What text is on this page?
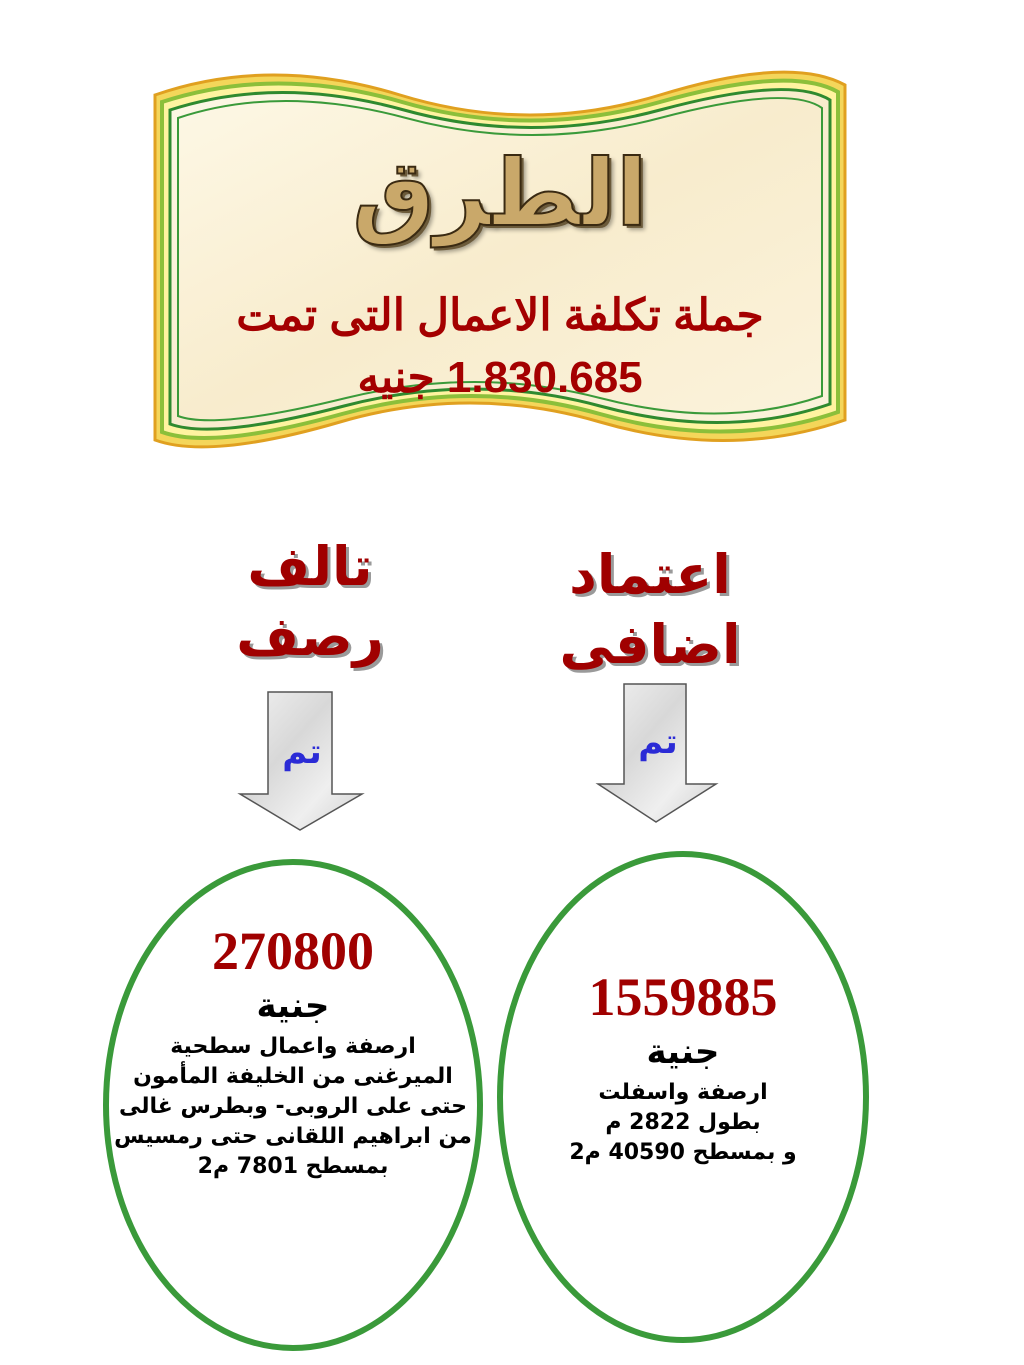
الطرق
جملة تكلفة الاعمال التى تمت
1.830.685 جنيه
تالف
رصف
اعتماد
اضافى
تم	تم
270800
جنية
ارصفة واعمال سطحية
الميرغنى من الخليفة المأمون
حتى على الروبى- وبطرس غالى
من ابراهيم اللقانى حتى رمسيس
بمسطح 7801 م2
1559885
جنية
ارصفة واسفلت
بطول 2822 م
و بمسطح 40590 م2
